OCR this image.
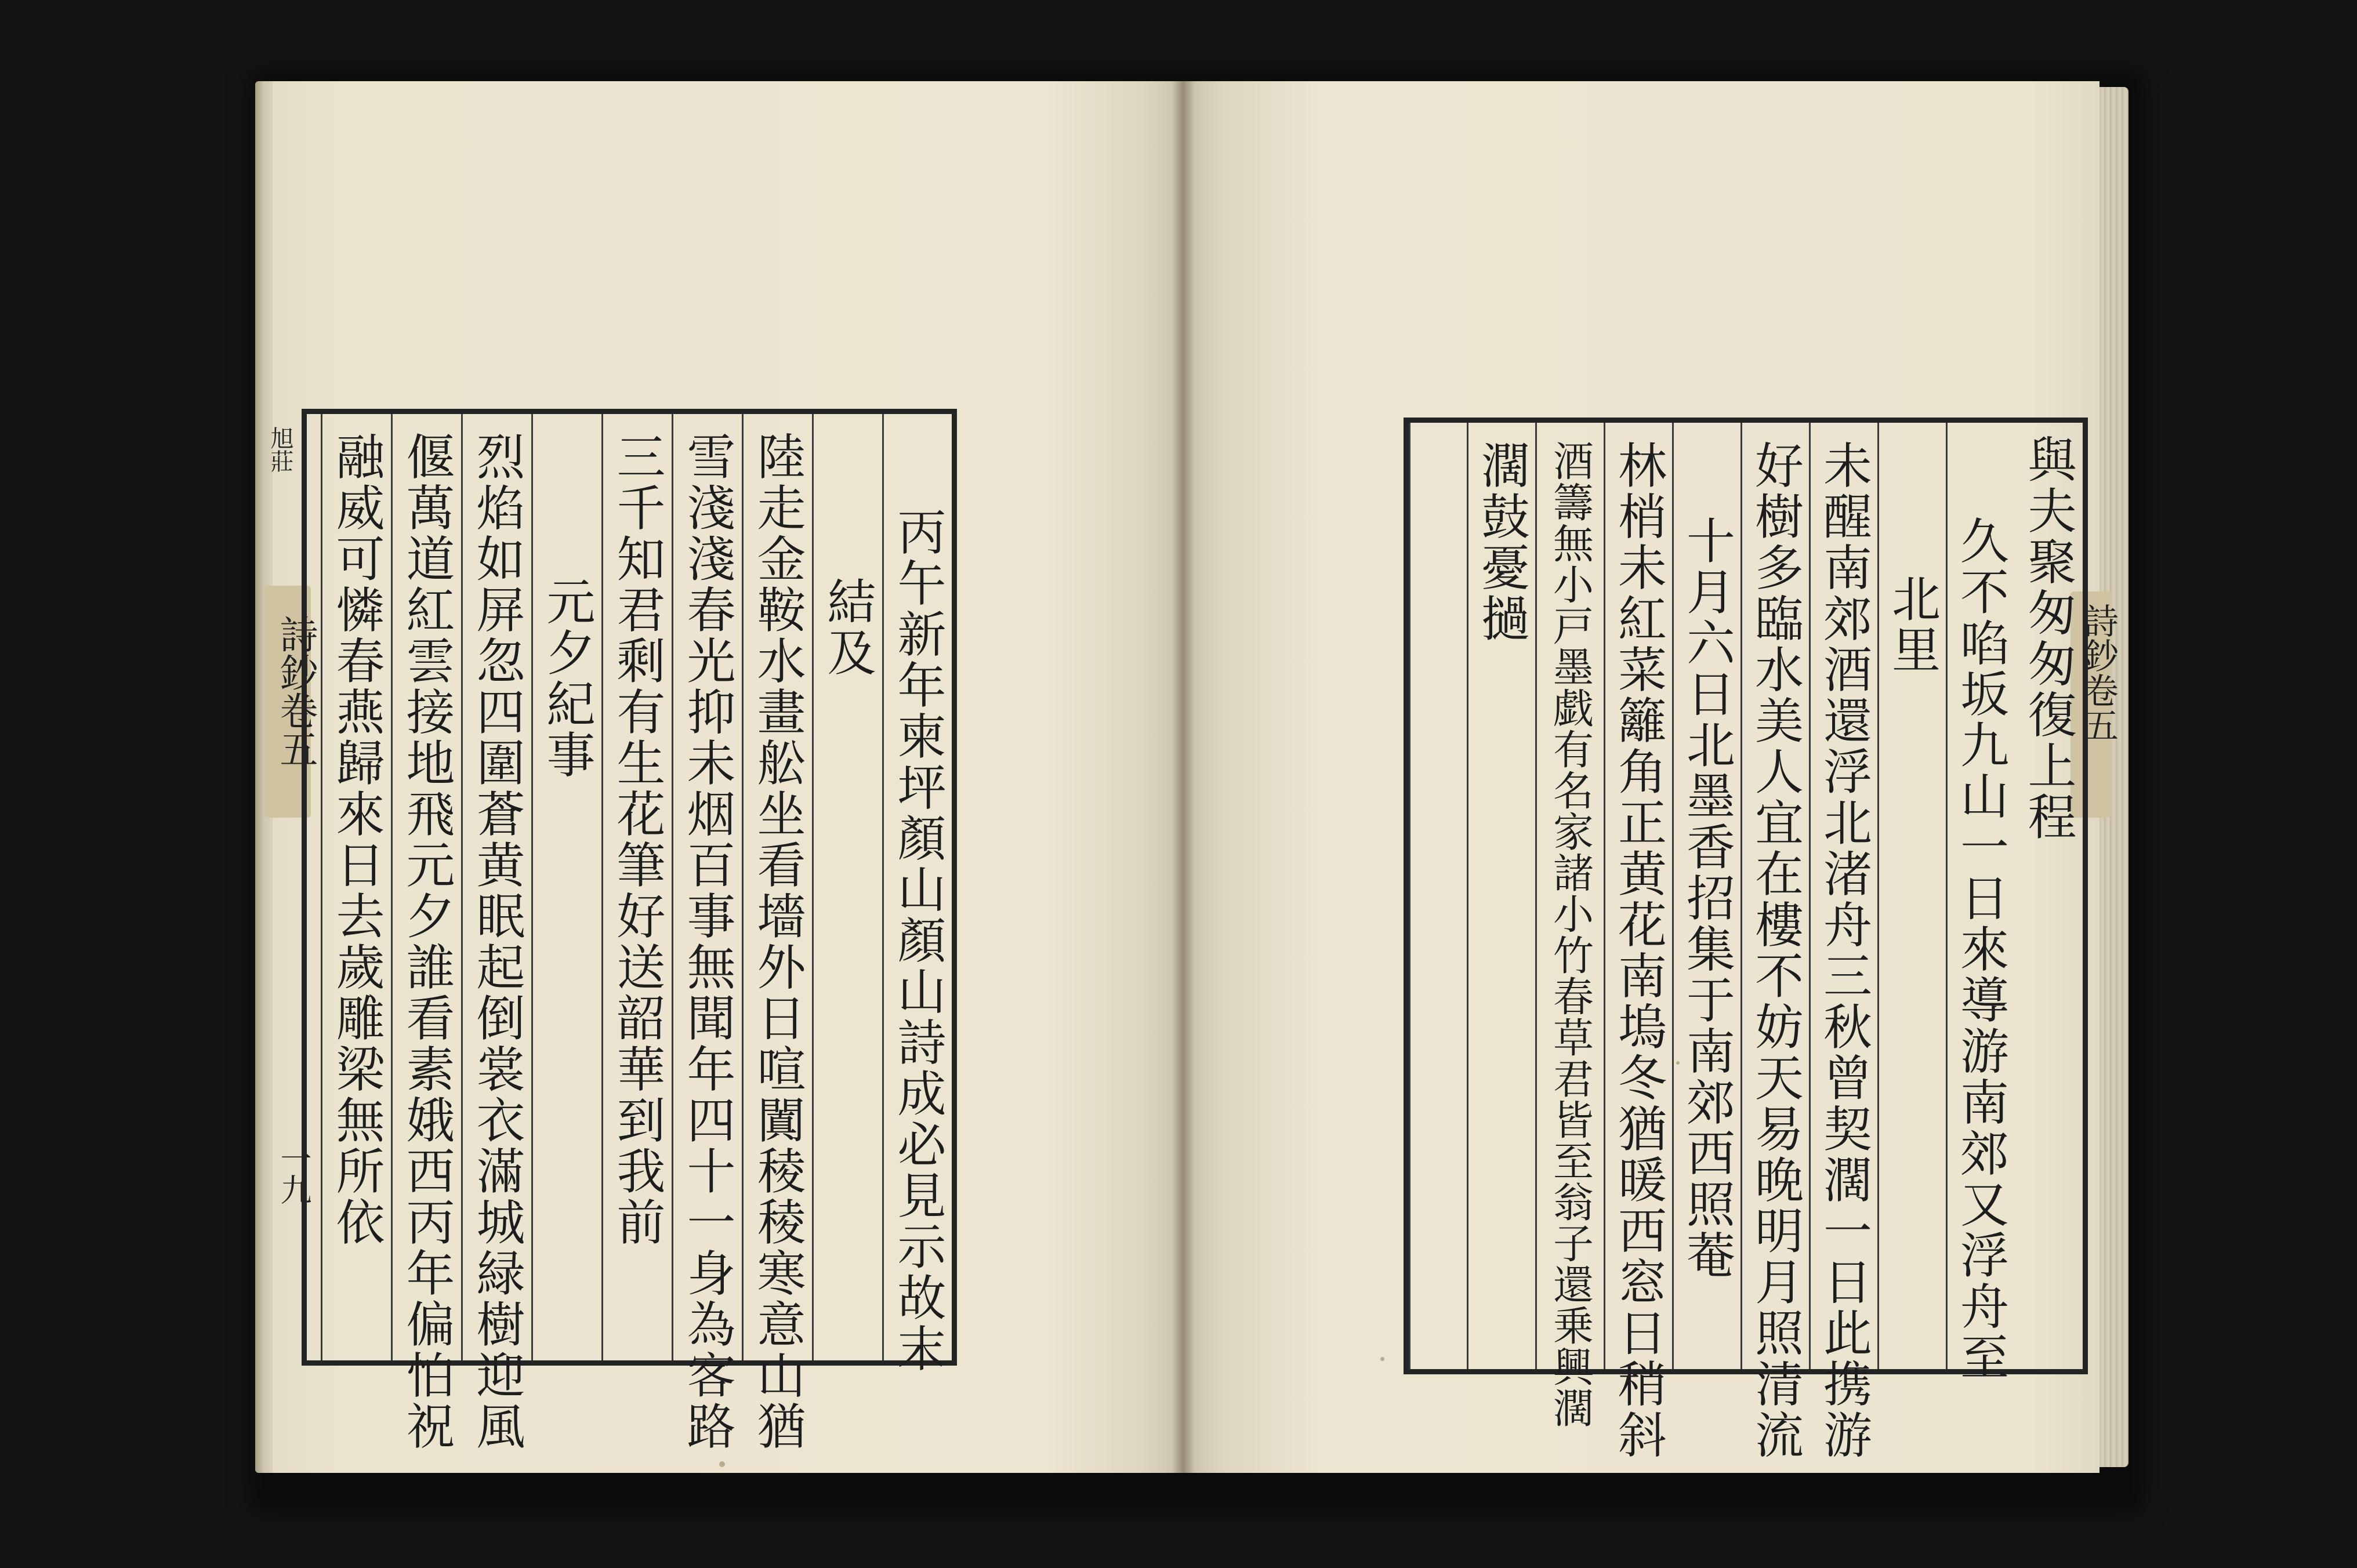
旭莊
詩鈔卷五
一九
詩鈔卷五
丙午新年柬坪顏山顏山詩成必見示故末
結及
陸走金鞍水畫舩坐看墻外日喧闐稜稜寒意山猶
雪淺淺春光抑未烟百事無聞年四十一身為客路
三千知君剩有生花筆好送韶華到我前
元夕紀事
烈焰如屏忽四圍蒼黄眠起倒裳衣滿城緑樹迎風
偃萬道紅雲接地飛元夕誰看素娥西丙年偏怕祝
融威可憐春燕歸來日去歲雕梁無所依	與夫聚匆匆復上程
久不啗坂九山一日來導游南郊又浮舟至
北里
未醒南郊酒還浮北渚舟三秋曾契濶一日此携游
好樹多臨水美人宜在樓不妨天易晚明月照清流
十月六日北墨香招集于南郊西照菴
林梢未紅菜籬角正黄花南塢冬猶暖西窓日稍斜
酒籌無小戸墨戯有名家諸小竹春草君皆至翁子還乗興濶
濶鼓憂撾
